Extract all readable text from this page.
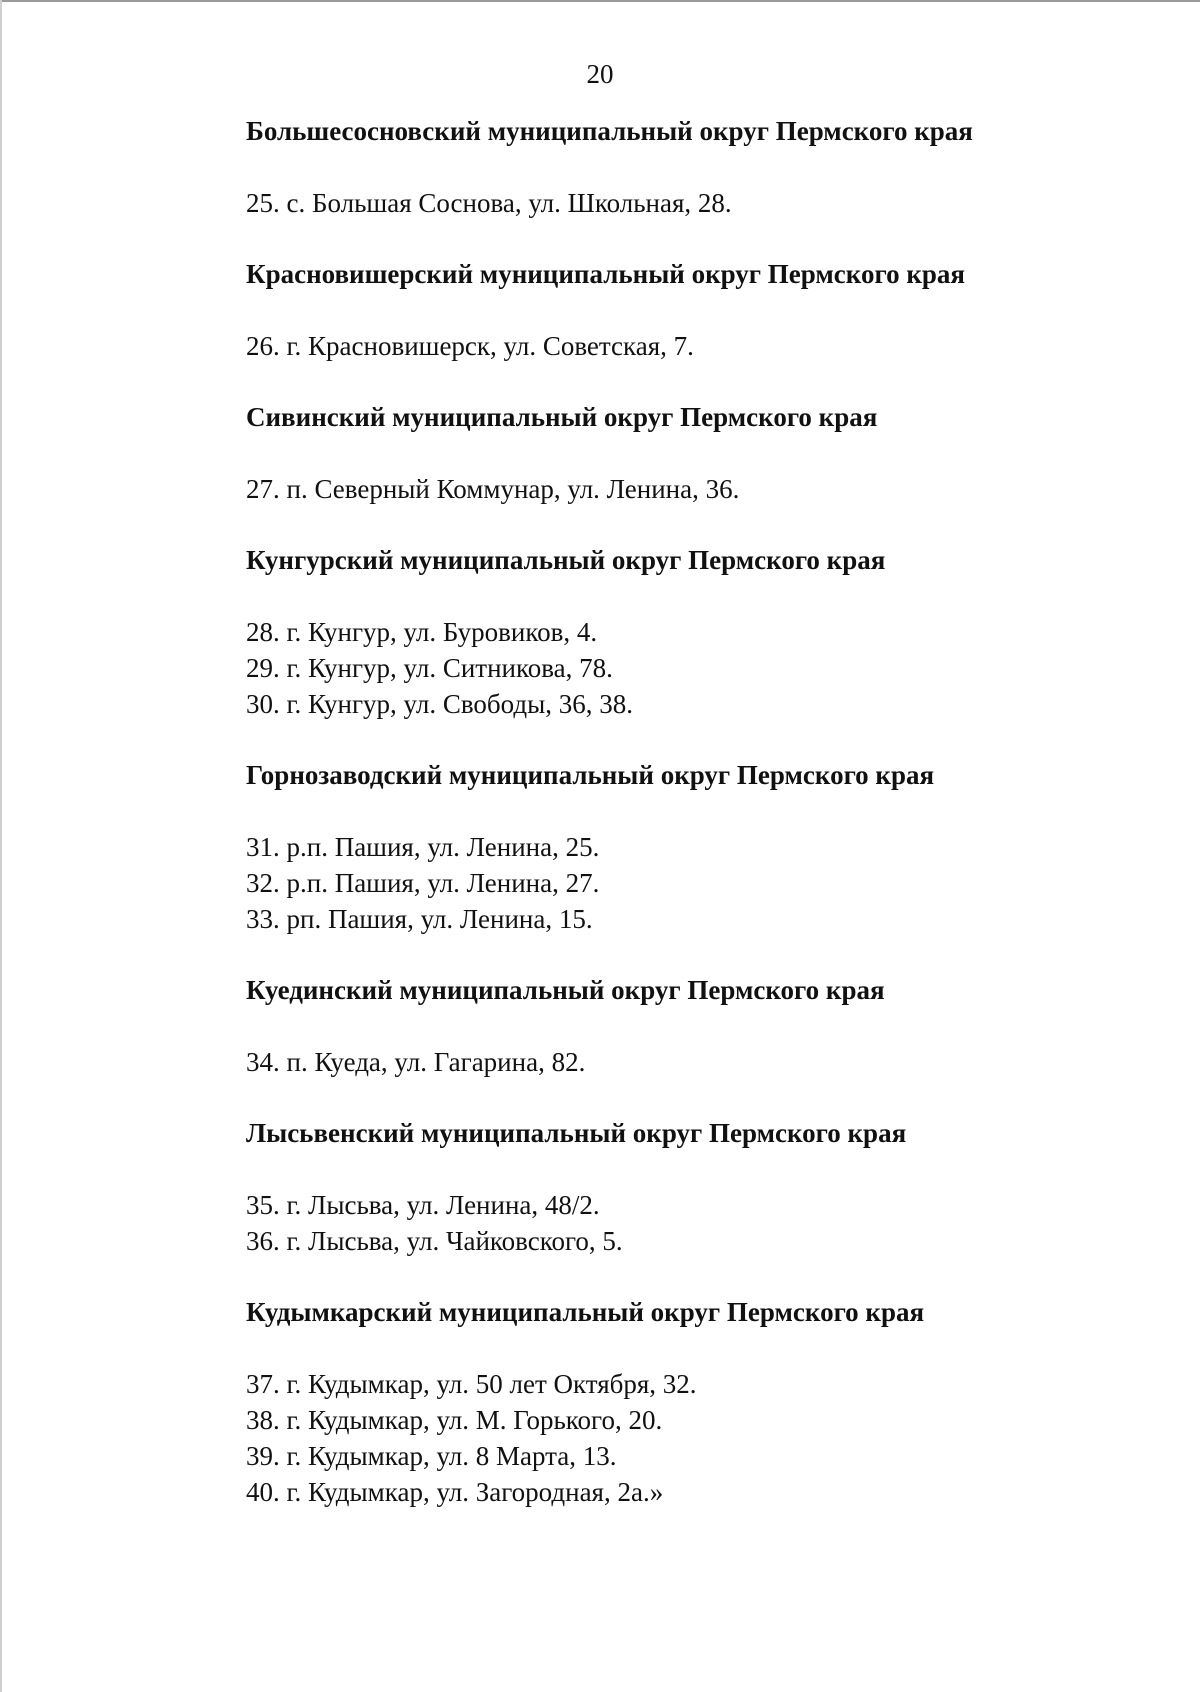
20
Большесосновский муниципальный округ Пермского края
25. с. Большая Соснова, ул. Школьная, 28.
Красновишерский муниципальный округ Пермского края
26. г. Красновишерск, ул. Советская, 7.
Сивинский муниципальный округ Пермского края
27. п. Северный Коммунар, ул. Ленина, 36.
Кунгурский муниципальный округ Пермского края
28. г. Кунгур, ул. Буровиков, 4.
29. г. Кунгур, ул. Ситникова, 78.
30. г. Кунгур, ул. Свободы, 36, 38.
Горнозаводский муниципальный округ Пермского края
31. р.п. Пашия, ул. Ленина, 25.
32. р.п. Пашия, ул. Ленина, 27.
33. рп. Пашия, ул. Ленина, 15.
Куединский муниципальный округ Пермского края
34. п. Куеда, ул. Гагарина, 82.
Лысьвенский муниципальный округ Пермского края
35. г. Лысьва, ул. Ленина, 48/2.
36. г. Лысьва, ул. Чайковского, 5.
Кудымкарский муниципальный округ Пермского края
37. г. Кудымкар, ул. 50 лет Октября, 32.
38. г. Кудымкар, ул. М. Горького, 20.
39. г. Кудымкар, ул. 8 Марта, 13.
40. г. Кудымкар, ул. Загородная, 2а.»
